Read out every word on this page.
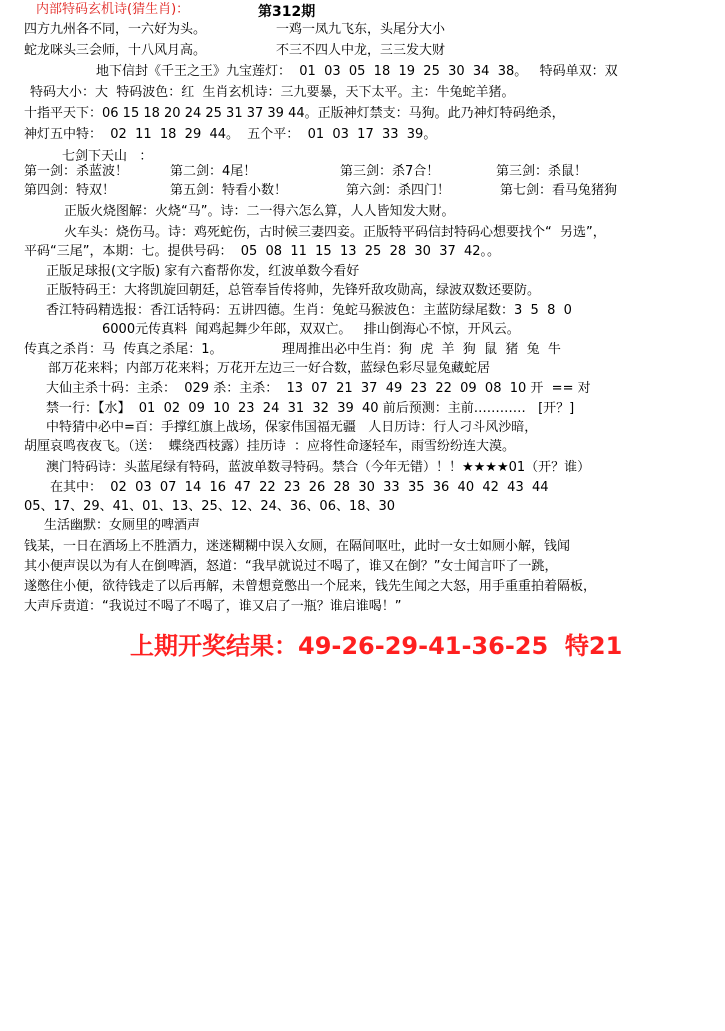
内部特码玄机诗(猜生肖)：	第312期
四方九州各不同，一六好为头。	一鸡一凤九飞东，头尾分大小
蛇龙咪头三会师，十八风月高。	不三不四人中龙，三三发大财
地下信封《千王之王》九宝莲灯：  01  03  05  18  19  25  30  34  38。   特码单双：双
特码大小：大  特码波色：红  生肖玄机诗：三九要暴，天下太平。主：牛兔蛇羊猪。
十指平天下：06 15 18 20 24 25 31 37 39 44。正版神灯禁支：马狗。此乃神灯特码绝杀，
神灯五中特：  02  11  18  29  44。  五个平：  01  03  17  33  39。
七剑下天山   ：
第一剑：杀蓝波！	第二剑：4尾！	第三剑：杀7合！	第三剑：杀鼠！
第四剑：特双！	第五剑：特看小数！	第六剑：杀四门！	第七剑：看马兔猪狗
正版火烧图解：火烧“马”。诗：二一得六怎么算，人人皆知发大财。
火车头：烧伤马。诗：鸡死蛇伤，古时候三妻四妾。正版特平码信封特码心想要找个“  另选”，
平码“三尾”，本期：七。提供号码：  05  08  11  15  13  25  28  30  37  42。。
正版足球报(文字版) 家有六畜帮你发，红波单数今看好
正版特码王：大将凯旋回朝廷，总管奉旨传将帅，先锋歼敌攻勋高，绿波双数还要防。
香江特码精选报：香江话特码：五讲四德。生肖：兔蛇马猴波色：主蓝防绿尾数：3  5  8  0
6000元传真料  闻鸡起舞少年郎，双双亡。   排山倒海心不惊，开风云。
传真之杀肖：马  传真之杀尾：1。	理周推出必中生肖：狗  虎  羊  狗  鼠  猪  兔  牛
部万花来料；内部万花来料；万花开左边三一好合数，蓝绿色彩尽显兔藏蛇居
大仙主杀十码：主杀：  029 杀：主杀：  13  07  21  37  49  23  22  09  08  10 开  == 对
禁一行：【水】  01  02  09  10  23  24  31  32  39  40 前后预测：主前…………   [开？]
中特猜中必中=百：手撑红旗上战场，保家伟国福无疆   人日历诗：行人刁斗风沙暗，
胡厘哀鸣夜夜飞。（送：  蝶绕西枝露）挂历诗  ：应将性命逐轻车，雨雪纷纷连大漠。
澳门特码诗：头蓝尾绿有特码，蓝波单数寻特码。禁合（今年无错）！！★★★★01（开？谁）
在其中：  02  03  07  14  16  47  22  23  26  28  30  33  35  36  40  42  43  44
05、17、29、41、01、13、25、12、24、36、06、18、30
生活幽默：女厕里的啤酒声
钱某，一日在酒场上不胜酒力，迷迷糊糊中误入女厕，在隔间呕吐，此时一女士如厕小解，钱闻
其小便声误以为有人在倒啤酒，怒道：“我早就说过不喝了，谁又在倒？”女士闻言吓了一跳，
遂憋住小便，欲待钱走了以后再解，未曾想竟憋出一个屁来，钱先生闻之大怒，用手重重拍着隔板，
大声斥责道：“我说过不喝了不喝了，谁又启了一瓶？谁启谁喝！”
上期开奖结果：49-26-29-41-36-25  特21
